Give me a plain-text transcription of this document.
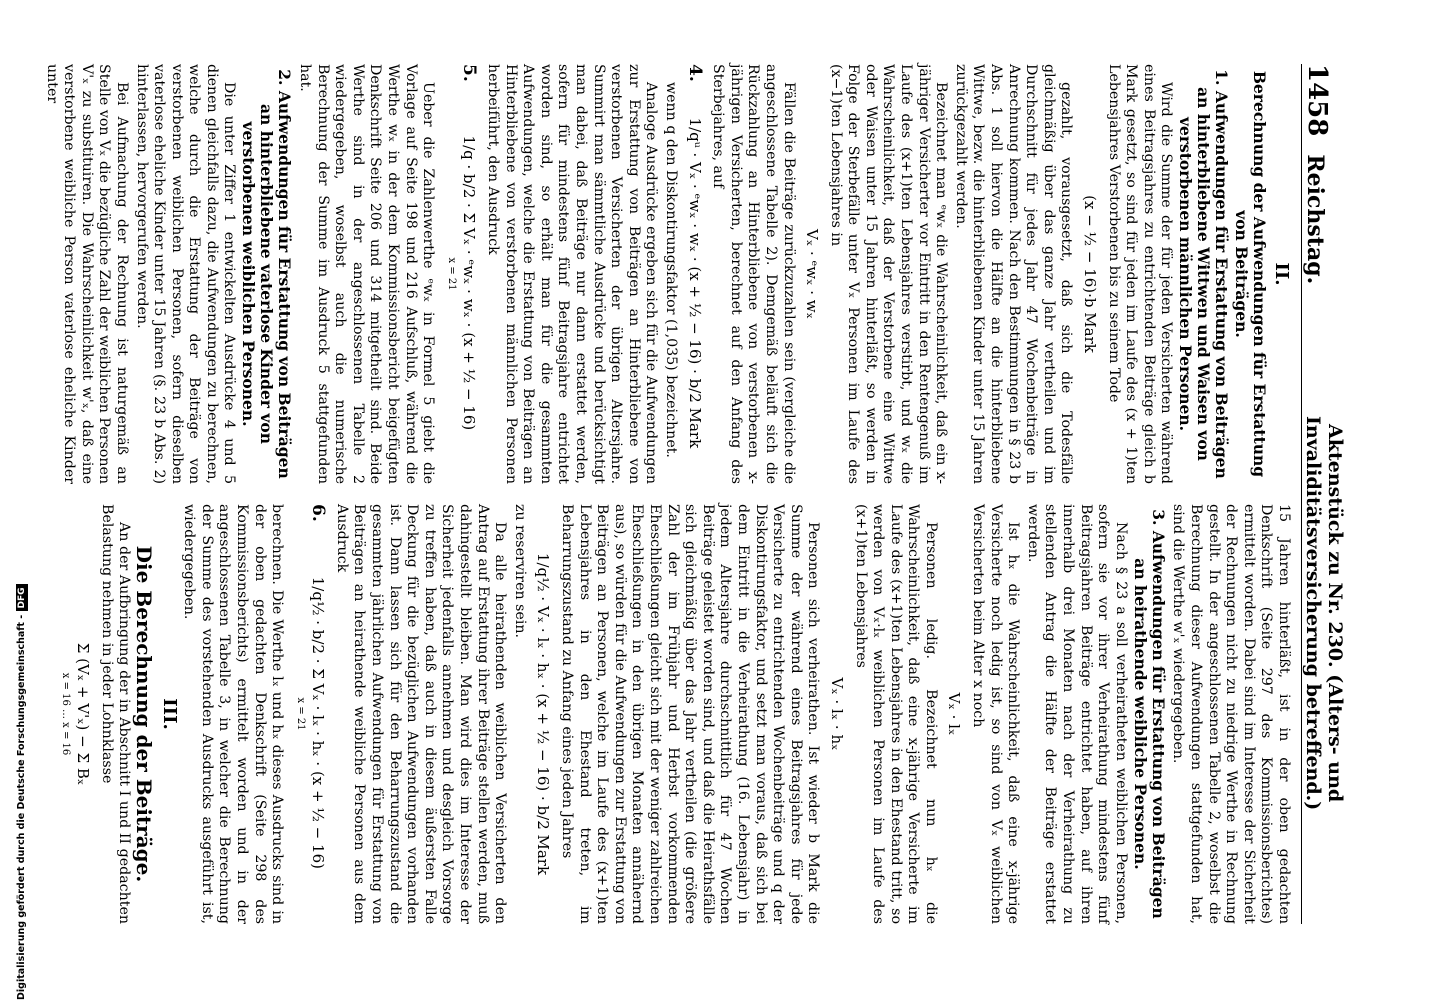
Digitalisierung gefördert durch die Deutsche Forschungsgemeinschaft - DFG
1458
Reichstag.
Aktenstück zu Nr. 230. (Alters- und Invaliditätsversicherung betreffend.)
II.
Berechnung der Aufwendungen für Erstattung von Beiträgen.
1. Aufwendungen für Erstattung von Beiträgen an hinterbliebene Wittwen und Waisen von verstorbenen männlichen Personen.

Wird die Summe der für jeden Versicherten während eines Beitragsjahres zu entrichtenden Beiträge gleich b Mark gesetzt, so sind für jeden im Laufe des (x + 1)ten Lebensjahres Verstorbenen bis zu seinem Tode

(x − ½ − 16)·b Mark

gezahlt, vorausgesetzt, daß sich die Todesfälle gleichmäßig über das ganze Jahr vertheilen und im Durchschnitt für jedes Jahr 47 Wochenbeiträge in Anrechnung kommen. Nach den Bestimmungen in § 23 b Abs. 1 soll hiervon die Hälfte an die hinterbliebene Wittwe, bezw. die hinterbliebenen Kinder unter 15 Jahren zurückgezahlt werden.

Bezeichnet man ᵉwₓ die Wahrscheinlichkeit, daß ein x-jähriger Versicherter vor Eintritt in den Rentengenuß im Laufe des (x+1)ten Lebensjahres verstirbt, und wₓ die Wahrscheinlichkeit, daß der Verstorbene eine Wittwe oder Waisen unter 15 Jahren hinterläßt, so werden in Folge der Sterbefälle unter Vₓ Personen im Laufe des (x−1)ten Lebensjahres in

Vₓ · ᵉwₓ · wₓ

Fällen die Beiträge zurückzuzahlen sein (vergleiche die angeschlossene Tabelle 2). Demgemäß beläuft sich die Rückzahlung an Hinterbliebene von verstorbenen x-jährigen Versicherten, berechnet auf den Anfang des Sterbejahres, auf

4.
1/qᵘ · Vₓ · ᵉwₓ · wₓ · (x + ½ − 16) · b/2 Mark

wenn q den Diskontirungsfaktor (1,035) bezeichnet.

Analoge Ausdrücke ergeben sich für die Aufwendungen zur Erstattung von Beiträgen an Hinterbliebene von verstorbenen Versicherten der übrigen Altersjahre. Summirt man sämmtliche Ausdrücke und berücksichtigt man dabei, daß Beiträge nur dann erstattet werden, sofern für mindestens fünf Beitragsjahre entrichtet worden sind, so erhält man für die gesammten Aufwendungen, welche die Erstattung von Beiträgen an Hinterbliebene von verstorbenen männlichen Personen herbeiführt, den Ausdruck

5.
1/q · b/2 · Σ Vₓ · ᵉwₓ · wₓ · (x + ½ − 16)
x = 21

Ueber die Zahlenwerthe ᵉwₓ in Formel 5 giebt die Vorlage auf Seite 198 und 216 Aufschluß, während die Werthe wₓ in der dem Kommissionsbericht beigefügten Denkschrift Seite 206 und 314 mitgetheilt sind. Beide Werthe sind in der angeschlossenen Tabelle 2 wiedergegeben, woselbst auch die numerische Berechnung der Summe im Ausdruck 5 stattgefunden hat.

2. Aufwendungen für Erstattung von Beiträgen an hinterbliebene vaterlose Kinder von verstorbenen weiblichen Personen.

Die unter Ziffer 1 entwickelten Ausdrücke 4 und 5 dienen gleichfalls dazu, die Aufwendungen zu berechnen, welche durch die Erstattung der Beiträge von verstorbenen weiblichen Personen, sofern dieselben vaterlose eheliche Kinder unter 15 Jahren (§. 23 b Abs. 2) hinterlassen, hervorgerufen werden.

Bei Aufmachung der Rechnung ist naturgemäß an Stelle von Vₓ die bezügliche Zahl der weiblichen Personen V'ₓ zu substituiren. Die Wahrscheinlichkeit w'ₓ, daß eine verstorbene weibliche Person vaterlose eheliche Kinder unter

15 Jahren hinterläßt, ist in der oben gedachten Denkschrift (Seite 297 des Kommissionsberichtes) ermittelt worden. Dabei sind im Interesse der Sicherheit der Rechnungen nicht zu niedrige Werthe in Rechnung gestellt. In der angeschlossenen Tabelle 2, woselbst die Berechnung dieser Aufwendungen stattgefunden hat, sind die Werthe w'ₓ wiedergegeben.

3. Aufwendungen für Erstattung von Beiträgen an heirathende weibliche Personen.

Nach § 23 a soll verheiratheten weiblichen Personen, sofern sie vor ihrer Verheirathung mindestens fünf Beitragsjahren Beiträge entrichtet haben, auf ihren innerhalb drei Monaten nach der Verheirathung zu stellenden Antrag die Hälfte der Beiträge erstattet werden.

Ist hₓ die Wahrscheinlichkeit, daß eine x-jährige Versicherte noch ledig ist, so sind von Vₓ weiblichen Versicherten beim Alter x noch

Vₓ · lₓ

Personen ledig. Bezeichnet nun hₓ die Wahrscheinlichkeit, daß eine x-jährige Versicherte im Laufe des (x+1)ten Lebensjahres in den Ehestand tritt, so werden von Vₓ·lₓ weiblichen Personen im Laufe des (x+1)ten Lebensjahres

Vₓ · lₓ · hₓ

Personen sich verheirathen. Ist wieder b Mark die Summe der während eines Beitragsjahres für jede Versicherte zu entrichtenden Wochenbeiträge und q der Diskontirungsfaktor, und setzt man voraus, daß sich bei dem Eintritt in die Verheirathung (16. Lebensjahr) in jedem Altersjahre durchschnittlich für 47 Wochen Beiträge geleistet worden sind, und daß die Heirathsfälle sich gleichmäßig über das Jahr vertheilen (die größere Zahl der im Frühjahr und Herbst vorkommenden Eheschließungen gleicht sich mit der weniger zahlreichen Eheschließungen in den übrigen Monaten annähernd aus), so würden für die Aufwendungen zur Erstattung von Beiträgen an Personen, welche im Laufe des (x+1)ten Lebensjahres in den Ehestand treten, im Beharrungszustand zu Anfang eines jeden Jahres

1/q½ · Vₓ · lₓ · hₓ · (x + ½ − 16) · b/2 Mark

zu reserviren sein.

Da alle heirathenden weiblichen Versicherten den Antrag auf Erstattung ihrer Beiträge stellen werden, muß dahingestellt bleiben. Man wird dies im Interesse der Sicherheit jedenfalls annehmen und desgleich Vorsorge zu treffen haben, daß auch in diesem äußersten Falle Deckung für die bezüglichen Aufwendungen vorhanden ist. Dann lassen sich für den Beharrungszustand die gesammten jährlichen Aufwendungen für Erstattung von Beiträgen an heirathende weibliche Personen aus dem Ausdruck

6.
1/q½ · b/2 · Σ Vₓ · lₓ · hₓ · (x + ½ − 16)
x = 21

berechnen. Die Werthe lₓ und hₓ dieses Ausdrucks sind in der oben gedachten Denkschrift (Seite 298 des Kommissionsberichts) ermittelt worden und in der angeschlossenen Tabelle 3, in welcher die Berechnung der Summe des vorstehenden Ausdrucks ausgeführt ist, wiedergegeben.

III.
Die Berechnung der Beiträge.

An der Aufbringung der in Abschnitt I und II gedachten Belastung nehmen in jeder Lohnklasse

Σ (Vₓ + V'ₓ) − Σ Bₓ
x = 16 … x = 16
